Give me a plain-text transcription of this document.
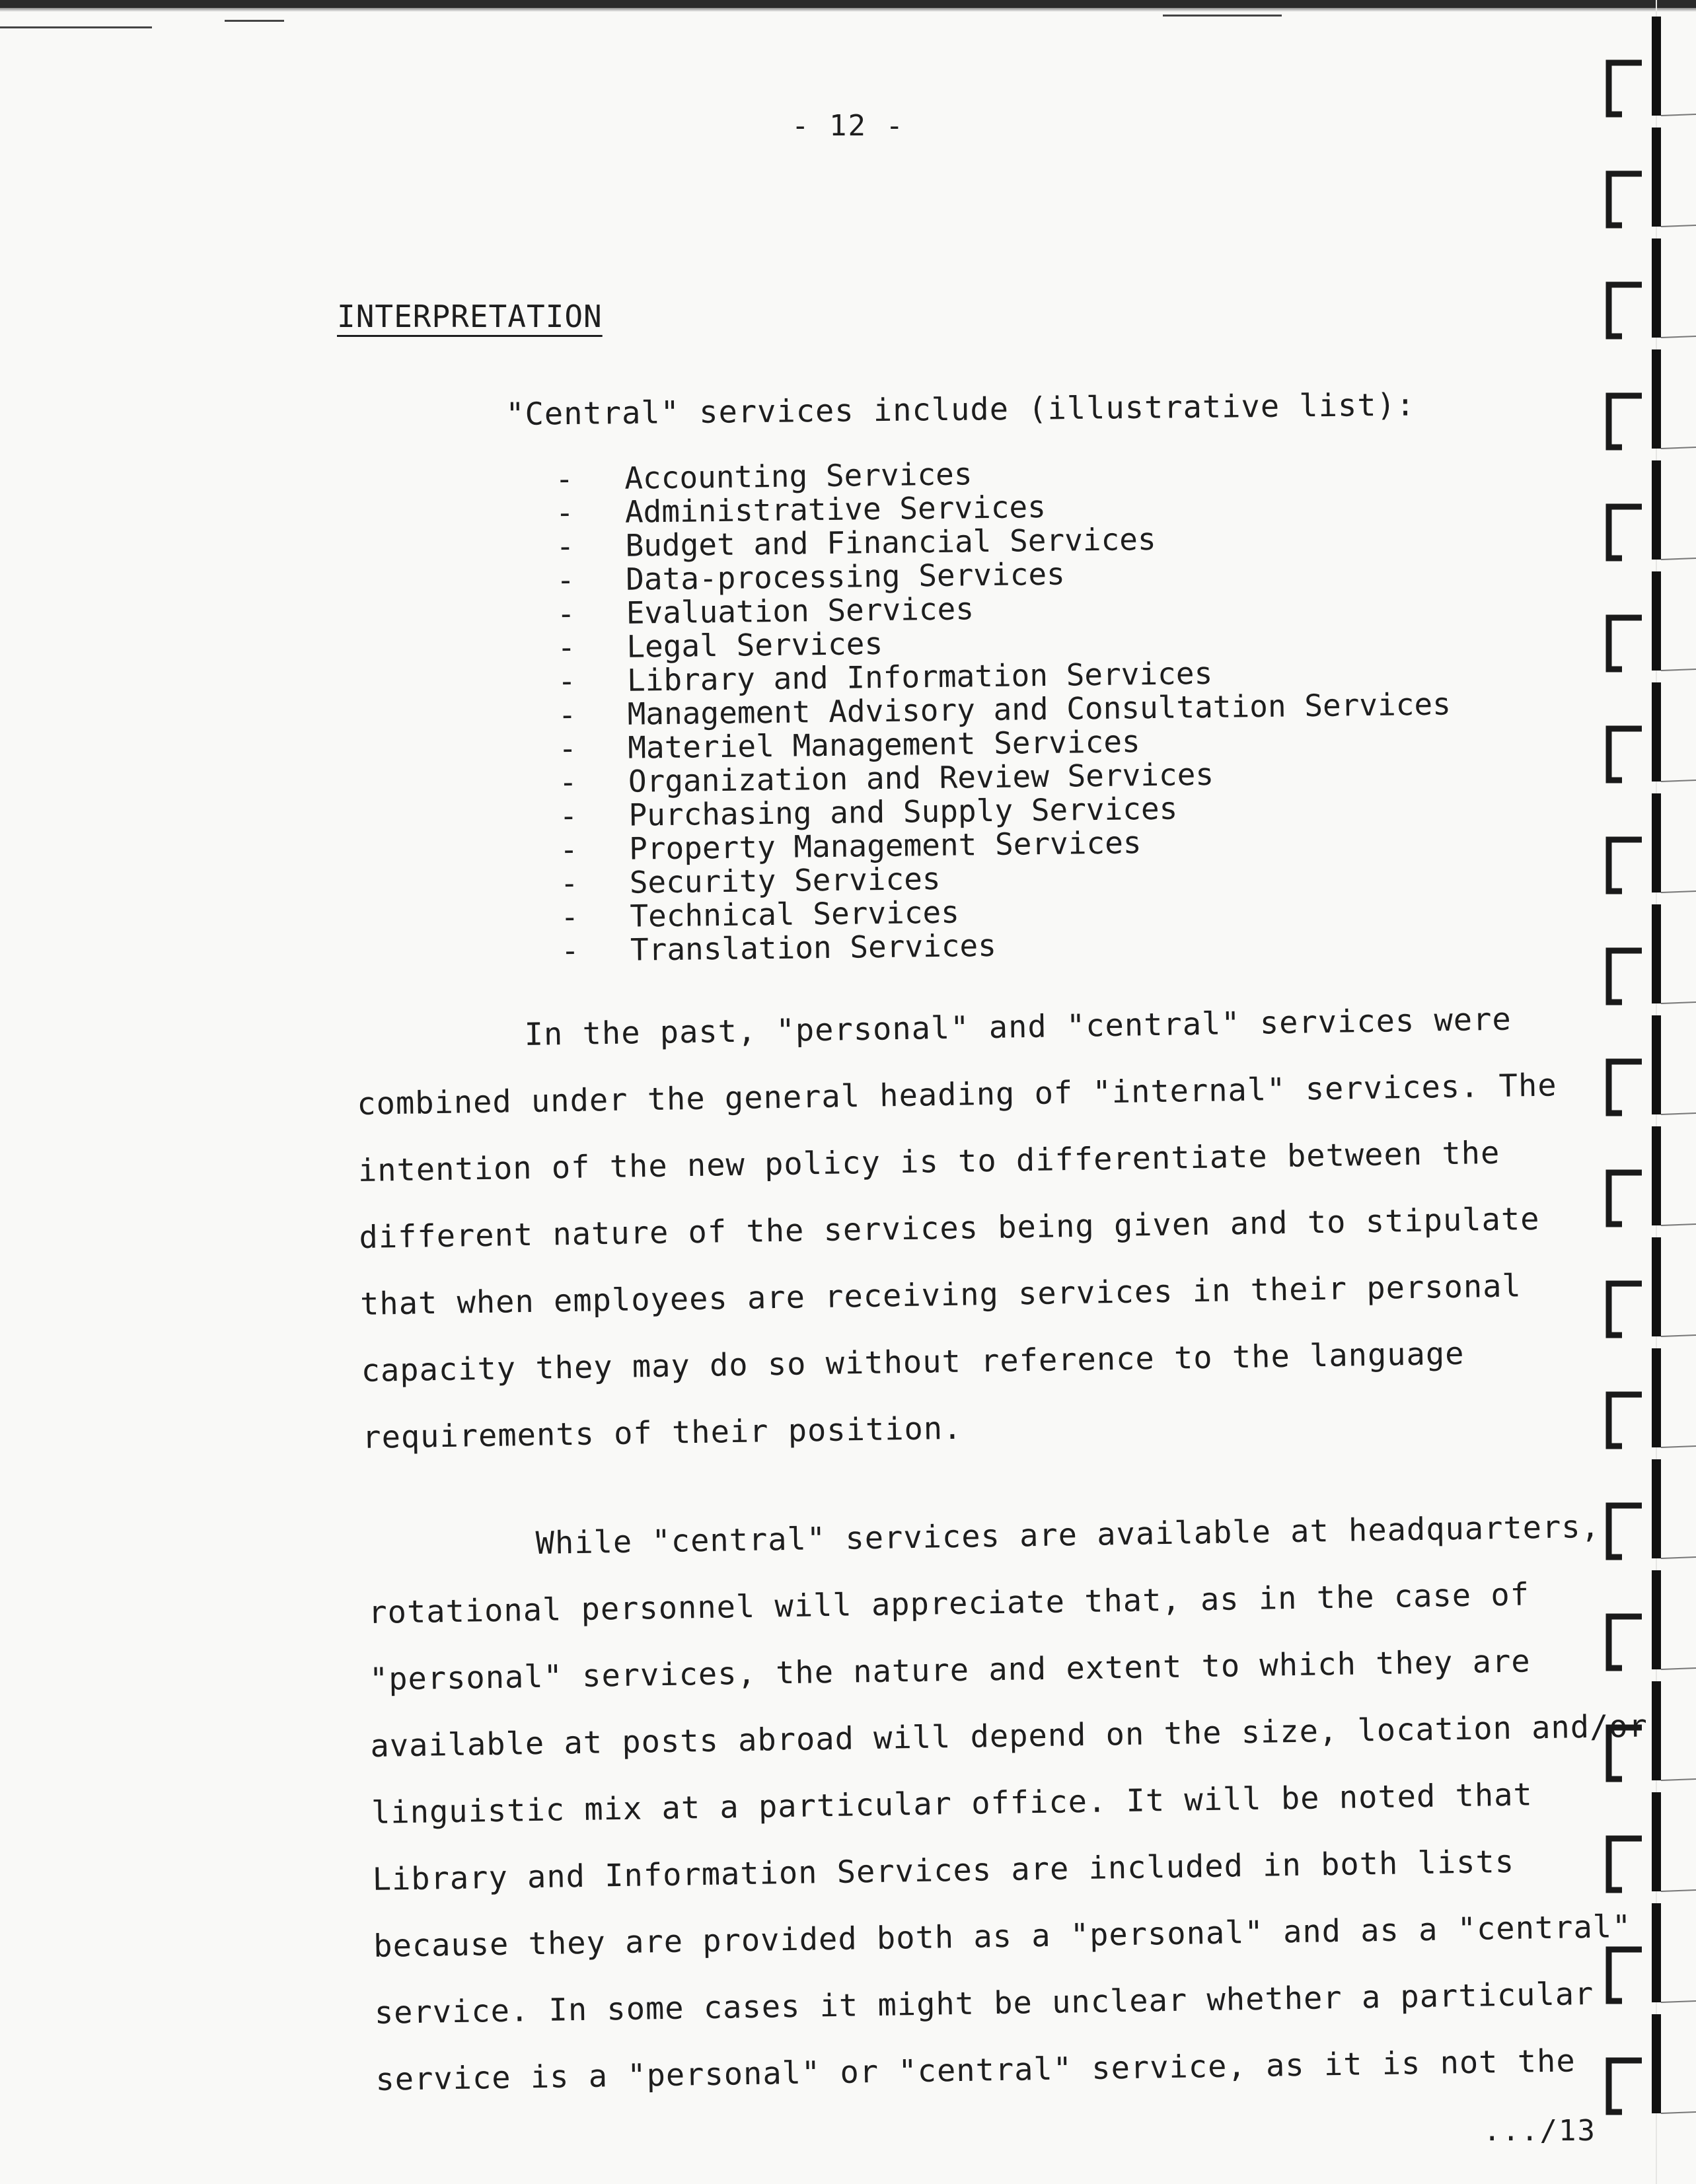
- 12 -
INTERPRETATION
"Central" services include (illustrative list):
-	Accounting Services
-	Administrative Services
-	Budget and Financial Services
-	Data-processing Services
-	Evaluation Services
-	Legal Services
-	Library and Information Services
-	Management Advisory and Consultation Services
-	Materiel Management Services
-	Organization and Review Services
-	Purchasing and Supply Services
-	Property Management Services
-	Security Services
-	Technical Services
-	Translation Services
In the past, "personal" and "central" services were
combined under the general heading of "internal" services. The
intention of the new policy is to differentiate between the
different nature of the services being given and to stipulate
that when employees are receiving services in their personal
capacity they may do so without reference to the language
requirements of their position.
While "central" services are available at headquarters,
rotational personnel will appreciate that, as in the case of
"personal" services, the nature and extent to which they are
available at posts abroad will depend on the size, location and/or
linguistic mix at a particular office. It will be noted that
Library and Information Services are included in both lists
because they are provided both as a "personal" and as a "central"
service. In some cases it might be unclear whether a particular
service is a "personal" or "central" service, as it is not the
.../13
